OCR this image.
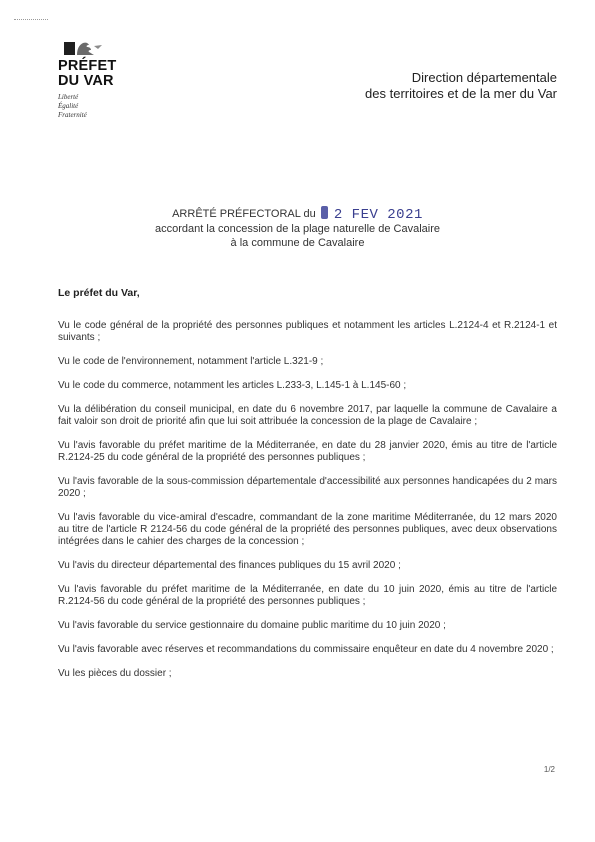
PRÉFET
DU VAR
Liberté
Égalité
Fraternité
Direction départementale
des territoires et de la mer du Var
ARRÊTÉ PRÉFECTORAL du 2 FEV 2021
accordant la concession de la plage naturelle de Cavalaire
à la commune de Cavalaire
Le préfet du Var,

Vu le code général de la propriété des personnes publiques et notamment les articles L.2124-4 et R.2124-1 et suivants ;

Vu le code de l'environnement, notamment l'article L.321-9 ;

Vu le code du commerce, notamment les articles L.233-3, L.145-1 à L.145-60 ;

Vu la délibération du conseil municipal, en date du 6 novembre 2017, par laquelle la commune de Cavalaire a fait valoir son droit de priorité afin que lui soit attribuée la concession de la plage de Cavalaire ;

Vu l'avis favorable du préfet maritime de la Méditerranée, en date du 28 janvier 2020, émis au titre de l'article R.2124-25 du code général de la propriété des personnes publiques ;

Vu l'avis favorable de la sous-commission départementale d'accessibilité aux personnes handicapées du 2 mars 2020 ;

Vu l'avis favorable du vice-amiral d'escadre, commandant de la zone maritime Méditerranée, du 12 mars 2020 au titre de l'article R 2124-56 du code général de la propriété des personnes publiques, avec deux observations intégrées dans le cahier des charges de la concession ;

Vu l'avis du directeur départemental des finances publiques du 15 avril 2020 ;

Vu l'avis favorable du préfet maritime de la Méditerranée, en date du 10 juin 2020, émis au titre de l'article R.2124-56 du code général de la propriété des personnes publiques ;

Vu l'avis favorable du service gestionnaire du domaine public maritime du 10 juin 2020 ;

Vu l'avis favorable avec réserves et recommandations du commissaire enquêteur en date du 4 novembre 2020 ;

Vu les pièces du dossier ;

1/2
